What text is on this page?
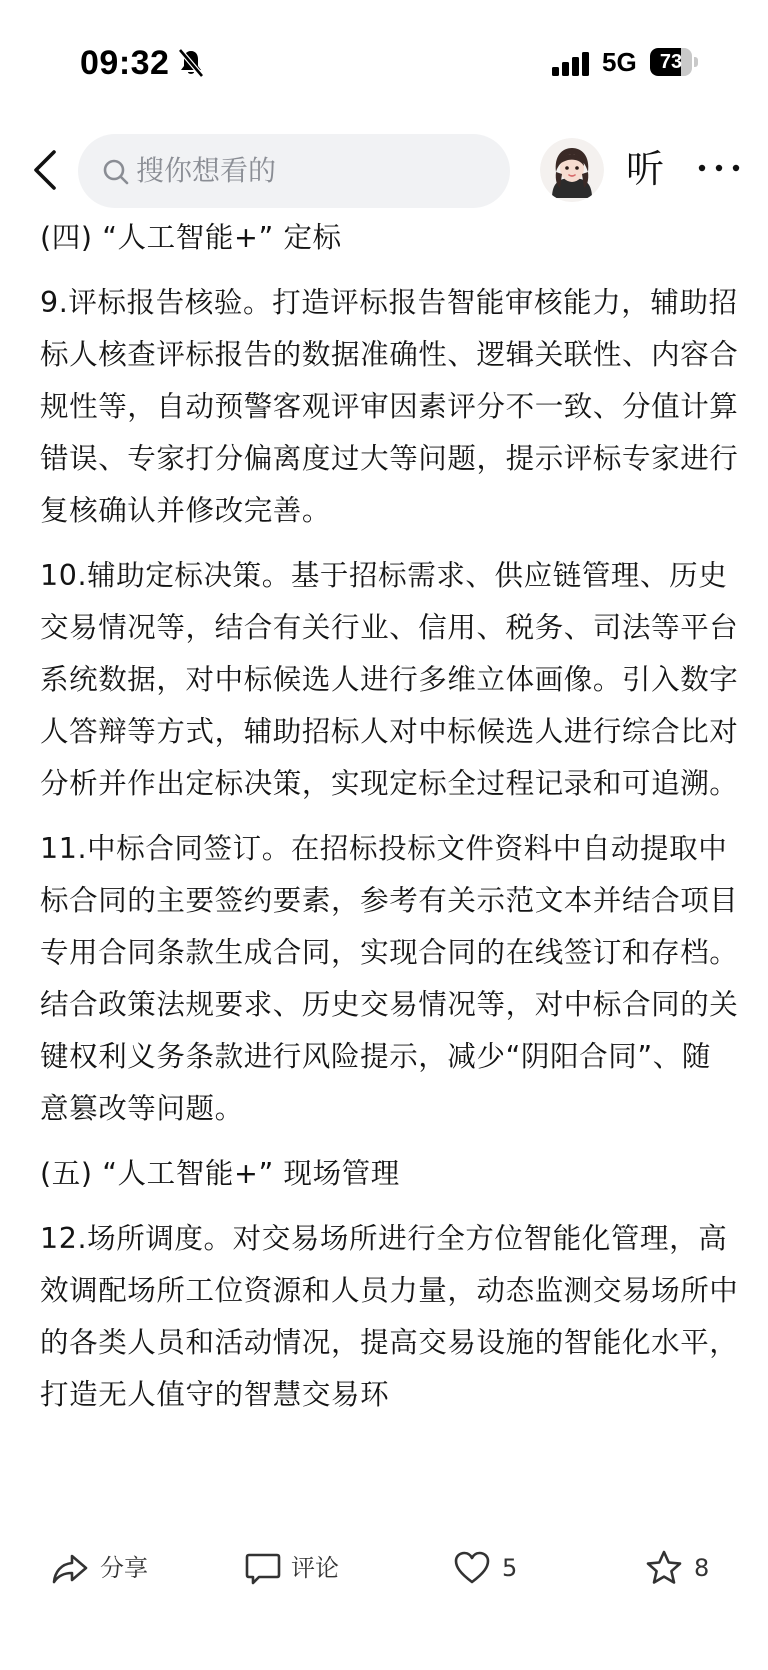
09:32	5G	73
搜你想看的	听

(四) “人工智能+” 定标

9.评标报告核验。打造评标报告智能审核能力，辅助招标人核查评标报告的数据准确性、逻辑关联性、内容合规性等，自动预警客观评审因素评分不一致、分值计算错误、专家打分偏离度过大等问题，提示评标专家进行复核确认并修改完善。

10.辅助定标决策。基于招标需求、供应链管理、历史交易情况等，结合有关行业、信用、税务、司法等平台系统数据，对中标候选人进行多维立体画像。引入数字人答辩等方式，辅助招标人对中标候选人进行综合比对分析并作出定标决策，实现定标全过程记录和可追溯。

11.中标合同签订。在招标投标文件资料中自动提取中标合同的主要签约要素，参考有关示范文本并结合项目专用合同条款生成合同，实现合同的在线签订和存档。结合政策法规要求、历史交易情况等，对中标合同的关键权利义务条款进行风险提示，减少“阴阳合同”、随意篡改等问题。

(五) “人工智能+” 现场管理

12.场所调度。对交易场所进行全方位智能化管理，高效调配场所工位资源和人员力量，动态监测交易场所中的各类人员和活动情况，提高交易设施的智能化水平，打造无人值守的智慧交易环

分享	评论	5	8
